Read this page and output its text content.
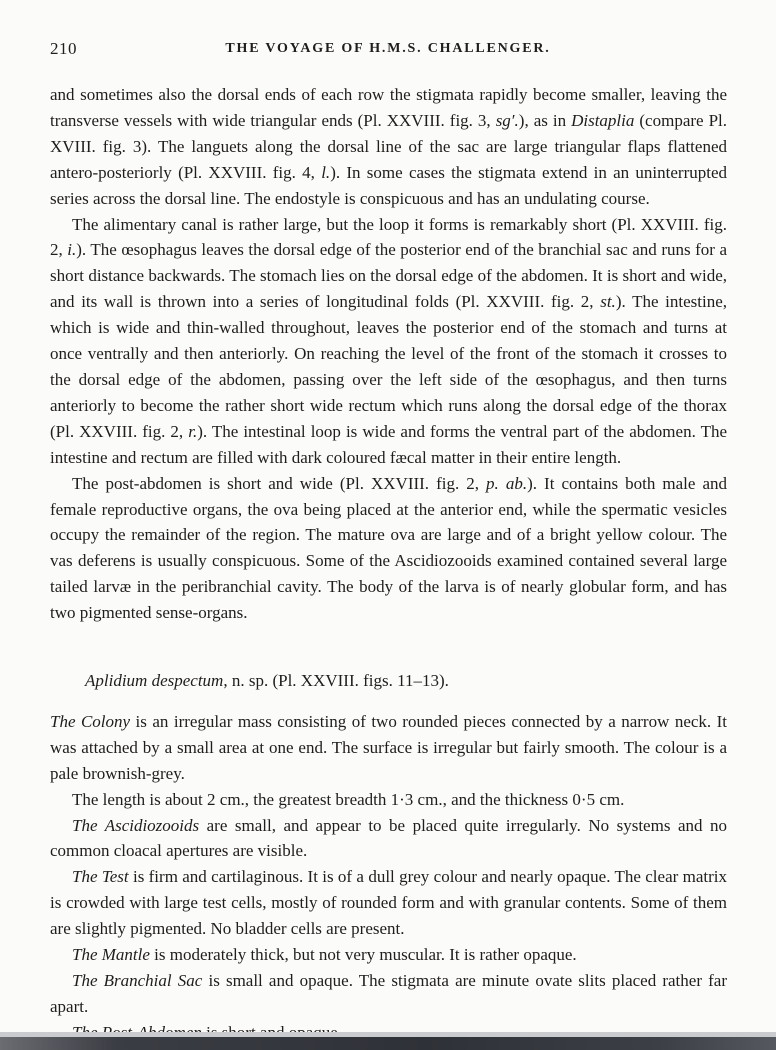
210	THE VOYAGE OF H.M.S. CHALLENGER.

and sometimes also the dorsal ends of each row the stigmata rapidly become smaller, leaving the transverse vessels with wide triangular ends (Pl. XXVIII. fig. 3, sg′.), as in Distaplia (compare Pl. XVIII. fig. 3). The languets along the dorsal line of the sac are large triangular flaps flattened antero-posteriorly (Pl. XXVIII. fig. 4, l.). In some cases the stigmata extend in an uninterrupted series across the dorsal line. The endostyle is conspicuous and has an undulating course.

The alimentary canal is rather large, but the loop it forms is remarkably short (Pl. XXVIII. fig. 2, i.). The œsophagus leaves the dorsal edge of the posterior end of the branchial sac and runs for a short distance backwards. The stomach lies on the dorsal edge of the abdomen. It is short and wide, and its wall is thrown into a series of longitudinal folds (Pl. XXVIII. fig. 2, st.). The intestine, which is wide and thin-walled throughout, leaves the posterior end of the stomach and turns at once ventrally and then anteriorly. On reaching the level of the front of the stomach it crosses to the dorsal edge of the abdomen, passing over the left side of the œsophagus, and then turns anteriorly to become the rather short wide rectum which runs along the dorsal edge of the thorax (Pl. XXVIII. fig. 2, r.). The intestinal loop is wide and forms the ventral part of the abdomen. The intestine and rectum are filled with dark coloured fæcal matter in their entire length.

The post-abdomen is short and wide (Pl. XXVIII. fig. 2, p. ab.). It contains both male and female reproductive organs, the ova being placed at the anterior end, while the spermatic vesicles occupy the remainder of the region. The mature ova are large and of a bright yellow colour. The vas deferens is usually conspicuous. Some of the Ascidiozooids examined contained several large tailed larvæ in the peribranchial cavity. The body of the larva is of nearly globular form, and has two pigmented sense-organs.

Aplidium despectum, n. sp. (Pl. XXVIII. figs. 11–13).

The Colony is an irregular mass consisting of two rounded pieces connected by a narrow neck. It was attached by a small area at one end. The surface is irregular but fairly smooth. The colour is a pale brownish-grey.

The length is about 2 cm., the greatest breadth 1·3 cm., and the thickness 0·5 cm.

The Ascidiozooids are small, and appear to be placed quite irregularly. No systems and no common cloacal apertures are visible.

The Test is firm and cartilaginous. It is of a dull grey colour and nearly opaque. The clear matrix is crowded with large test cells, mostly of rounded form and with granular contents. Some of them are slightly pigmented. No bladder cells are present.

The Mantle is moderately thick, but not very muscular. It is rather opaque.

The Branchial Sac is small and opaque. The stigmata are minute ovate slits placed rather far apart.
